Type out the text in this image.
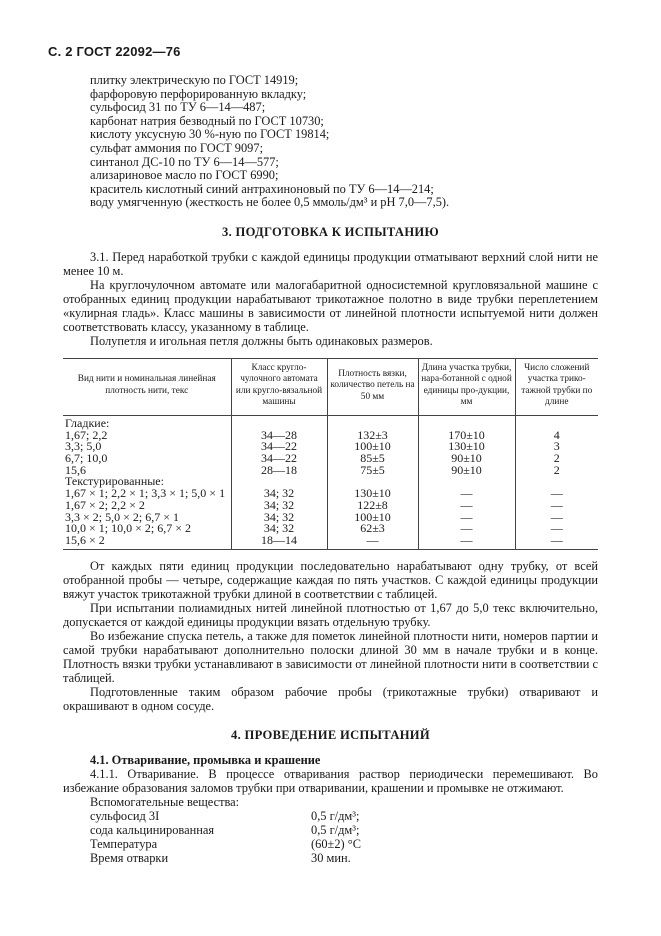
С. 2 ГОСТ 22092—76
плитку электрическую по ГОСТ 14919;
фарфоровую перфорированную вкладку;
сульфосид 31 по ТУ 6—14—487;
карбонат натрия безводный по ГОСТ 10730;
кислоту уксусную 30 %-ную по ГОСТ 19814;
сульфат аммония по ГОСТ 9097;
синтанол ДС-10 по ТУ 6—14—577;
ализариновое масло по ГОСТ 6990;
краситель кислотный синий антрахиноновый по ТУ 6—14—214;
воду умягченную (жесткость не более 0,5 ммоль/дм³ и рН 7,0—7,5).
3. ПОДГОТОВКА К ИСПЫТАНИЮ

3.1. Перед наработкой трубки с каждой единицы продукции отматывают верхний слой нити не менее 10 м.

На круглочулочном автомате или малогабаритной односистемной кругловязальной машине с отобранных единиц продукции нарабатывают трикотажное полотно в виде трубки переплетением «кулирная гладь». Класс машины в зависимости от линейной плотности испытуемой нити должен соответствовать классу, указанному в таблице.

Полупетля и игольная петля должны быть одинаковых размеров.

Вид нити и номинальная линейная плотность нити, текс	Класс кругло-чулочного автомата или кругло-вязальной машины	Плотность вязки, количество петель на 50 мм	Длина участка трубки, нара-ботанной с одной единицы про-дукции, мм	Число сложений участка трико-тажной трубки по длине
Гладкие:				
1,67; 2,2	34—28	132±3	170±10	4
3,3; 5,0	34—22	100±10	130±10	3
6,7; 10,0	34—22	85±5	90±10	2
15,6	28—18	75±5	90±10	2
Текстурированные:				
1,67 × 1; 2,2 × 1; 3,3 × 1; 5,0 × 1	34; 32	130±10	—	—
1,67 × 2; 2,2 × 2	34; 32	122±8	—	—
3,3 × 2; 5,0 × 2; 6,7 × 1	34; 32	100±10	—	—
10,0 × 1; 10,0 × 2; 6,7 × 2	34; 32	62±3	—	—
15,6 × 2	18—14	—	—	—

От каждых пяти единиц продукции последовательно нарабатывают одну трубку, от всей отобранной пробы — четыре, содержащие каждая по пять участков. С каждой единицы продукции вяжут участок трикотажной трубки длиной в соответствии с таблицей.

При испытании полиамидных нитей линейной плотностью от 1,67 до 5,0 текс включительно, допускается от каждой единицы продукции вязать отдельную трубку.

Во избежание спуска петель, а также для пометок линейной плотности нити, номеров партии и самой трубки нарабатывают дополнительно полоски длиной 30 мм в начале трубки и в конце. Плотность вязки трубки устанавливают в зависимости от линейной плотности нити в соответствии с таблицей.

Подготовленные таким образом рабочие пробы (трикотажные трубки) отваривают и окрашивают в одном сосуде.

4. ПРОВЕДЕНИЕ ИСПЫТАНИЙ

4.1. Отваривание, промывка и крашение

4.1.1. Отваривание. В процессе отваривания раствор периодически перемешивают. Во избежание образования заломов трубки при отваривании, крашении и промывке не отжимают.

Вспомогательные вещества:

сульфосид 3I	0,5 г/дм³;
сода кальцинированная	0,5 г/дм³;
Температура	(60±2) °С
Время отварки	30 мин.
